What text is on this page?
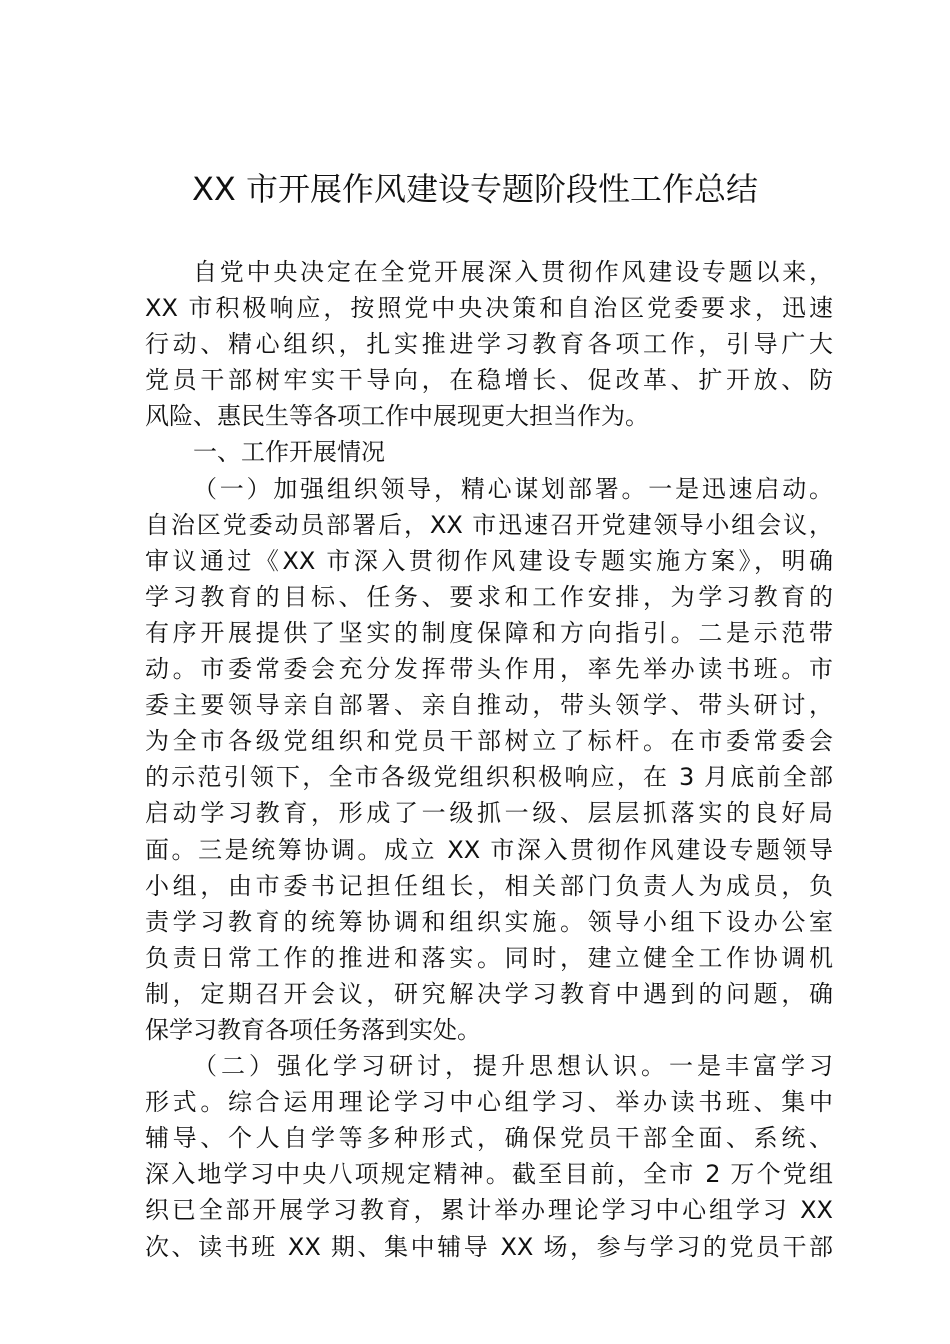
XX 市开展作风建设专题阶段性工作总结
自党中央决定在全党开展深入贯彻作风建设专题以来，
XX 市积极响应，按照党中央决策和自治区党委要求，迅速
行动、精心组织，扎实推进学习教育各项工作，引导广大
党员干部树牢实干导向，在稳增长、促改革、扩开放、防
风险、惠民生等各项工作中展现更大担当作为。
一、工作开展情况
（一）加强组织领导，精心谋划部署。一是迅速启动。
自治区党委动员部署后，XX 市迅速召开党建领导小组会议，
审议通过《XX 市深入贯彻作风建设专题实施方案》，明确
学习教育的目标、任务、要求和工作安排，为学习教育的
有序开展提供了坚实的制度保障和方向指引。二是示范带
动。市委常委会充分发挥带头作用，率先举办读书班。市
委主要领导亲自部署、亲自推动，带头领学、带头研讨，
为全市各级党组织和党员干部树立了标杆。在市委常委会
的示范引领下，全市各级党组织积极响应，在 3 月底前全部
启动学习教育，形成了一级抓一级、层层抓落实的良好局
面。三是统筹协调。成立 XX 市深入贯彻作风建设专题领导
小组，由市委书记担任组长，相关部门负责人为成员，负
责学习教育的统筹协调和组织实施。领导小组下设办公室
负责日常工作的推进和落实。同时，建立健全工作协调机
制，定期召开会议，研究解决学习教育中遇到的问题，确
保学习教育各项任务落到实处。
（二）强化学习研讨，提升思想认识。一是丰富学习
形式。综合运用理论学习中心组学习、举办读书班、集中
辅导、个人自学等多种形式，确保党员干部全面、系统、
深入地学习中央八项规定精神。截至目前，全市 2 万个党组
织已全部开展学习教育，累计举办理论学习中心组学习 XX
次、读书班 XX 期、集中辅导 XX 场，参与学习的党员干部
